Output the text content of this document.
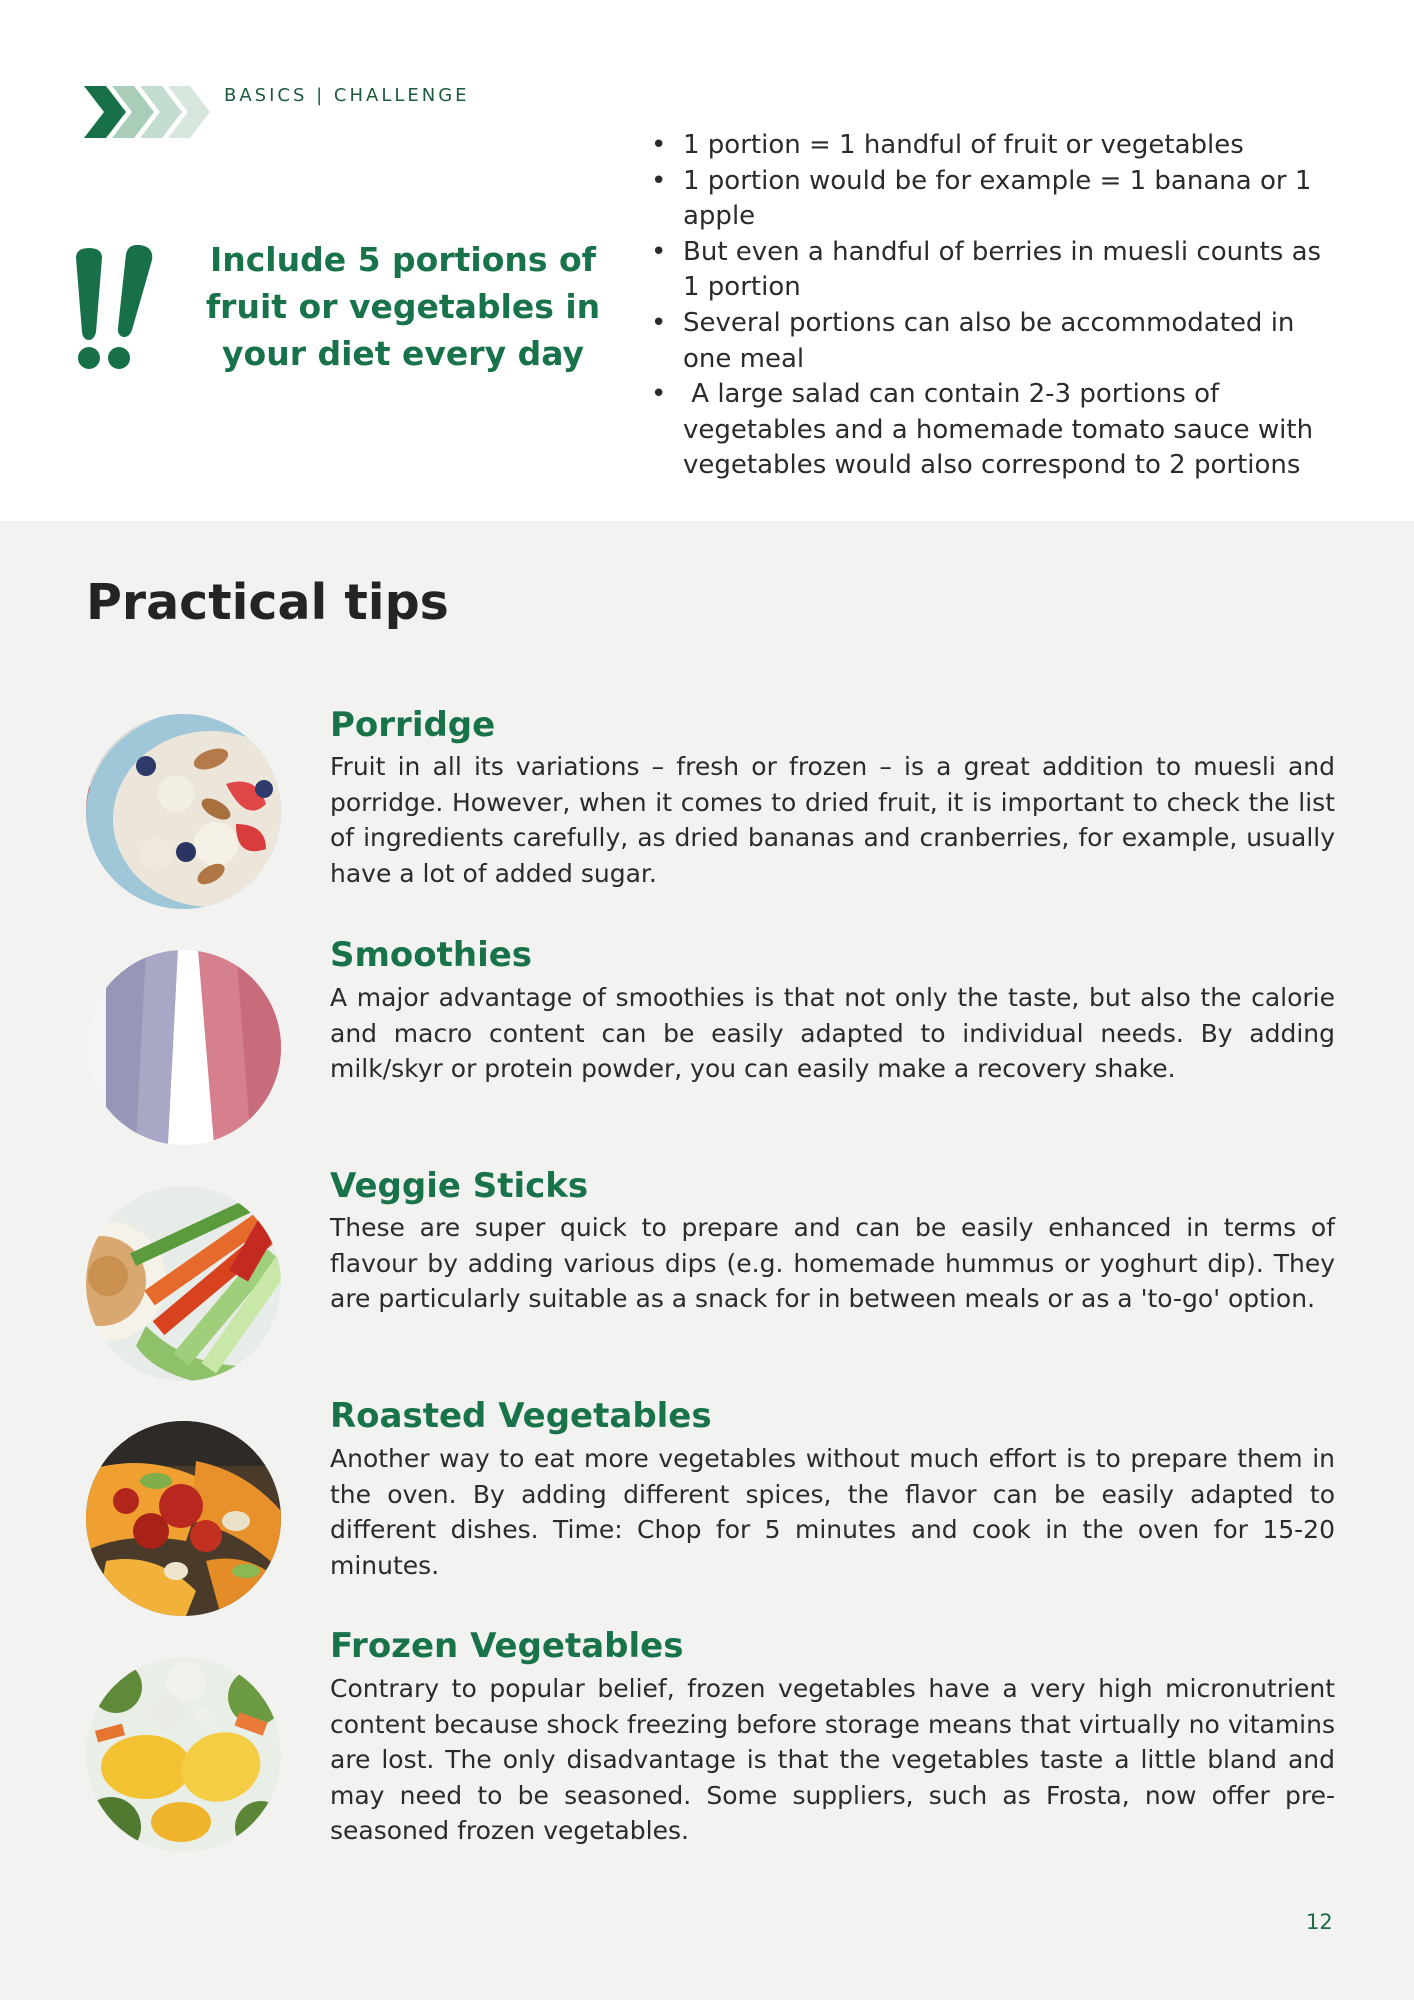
BASICS | CHALLENGE
Include 5 portions of fruit or vegetables in your diet every day
• 1 portion = 1 handful of fruit or vegetables
• 1 portion would be for example = 1 banana or 1 apple
• But even a handful of berries in muesli counts as 1 portion
• Several portions can also be accommodated in one meal
• A large salad can contain 2-3 portions of vegetables and a homemade tomato sauce with vegetables would also correspond to 2 portions
Practical tips
Porridge
Fruit in all its variations – fresh or frozen – is a great addition to muesli and porridge. However, when it comes to dried fruit, it is important to check the list of ingredients carefully, as dried bananas and cranberries, for example, usually have a lot of added sugar.
Smoothies
A major advantage of smoothies is that not only the taste, but also the calorie and macro content can be easily adapted to individual needs. By adding milk/skyr or protein powder, you can easily make a recovery shake.
Veggie Sticks
These are super quick to prepare and can be easily enhanced in terms of flavour by adding various dips (e.g. homemade hummus or yoghurt dip). They are particularly suitable as a snack for in between meals or as a 'to-go' option.
Roasted Vegetables
Another way to eat more vegetables without much effort is to prepare them in the oven. By adding different spices, the flavor can be easily adapted to different dishes. Time: Chop for 5 minutes and cook in the oven for 15-20 minutes.
Frozen Vegetables
Contrary to popular belief, frozen vegetables have a very high micronutrient content because shock freezing before storage means that virtually no vitamins are lost. The only disadvantage is that the vegetables taste a little bland and may need to be seasoned. Some suppliers, such as Frosta, now offer pre-seasoned frozen vegetables.
12
